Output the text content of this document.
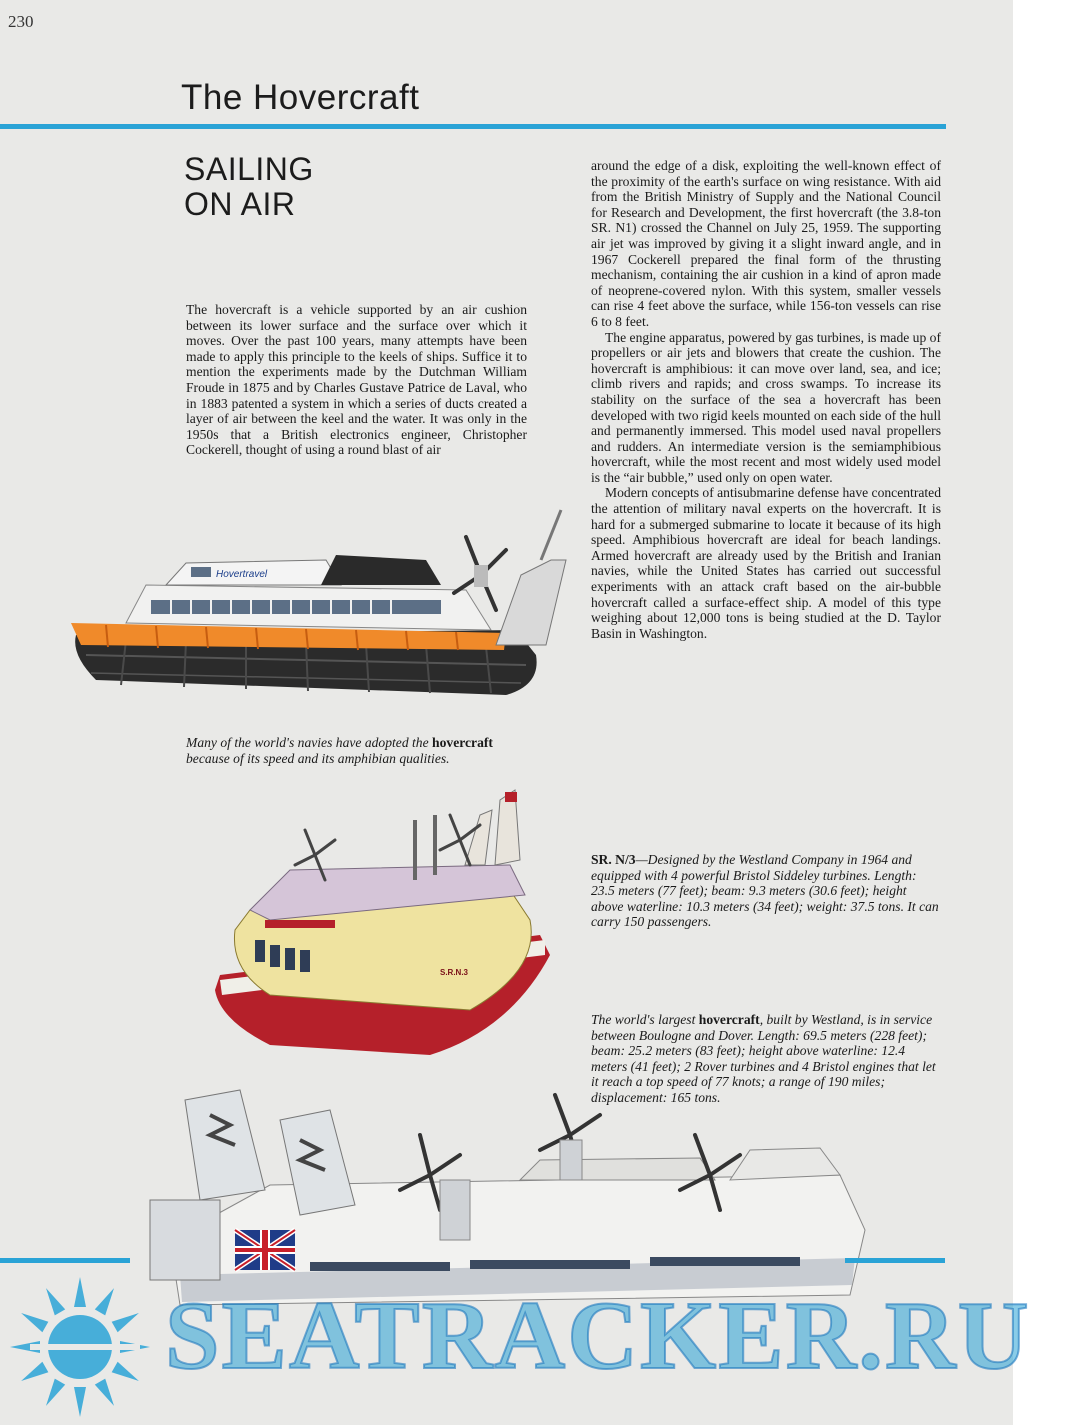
230
The Hovercraft
SAILING
ON AIR

The hovercraft is a vehicle supported by an air cushion between its lower surface and the surface over which it moves. Over the past 100 years, many attempts have been made to apply this principle to the keels of ships. Suffice it to mention the experiments made by the Dutchman William Froude in 1875 and by Charles Gustave Patrice de Laval, who in 1883 patented a system in which a series of ducts created a layer of air between the keel and the water. It was only in the 1950s that a British electronics engineer, Christopher Cockerell, thought of using a round blast of air

around the edge of a disk, exploiting the well-known effect of the proximity of the earth's surface on wing resistance. With aid from the British Ministry of Supply and the National Council for Research and Development, the first hovercraft (the 3.8-ton SR. N1) crossed the Channel on July 25, 1959. The supporting air jet was improved by giving it a slight inward angle, and in 1967 Cockerell prepared the final form of the thrusting mechanism, containing the air cushion in a kind of apron made of neoprene-covered nylon. With this system, smaller vessels can rise 4 feet above the surface, while 156-ton vessels can rise 6 to 8 feet.

The engine apparatus, powered by gas turbines, is made up of propellers or air jets and blowers that create the cushion. The hovercraft is amphibious: it can move over land, sea, and ice; climb rivers and rapids; and cross swamps. To increase its stability on the surface of the sea a hovercraft has been developed with two rigid keels mounted on each side of the hull and permanently immersed. This model used naval propellers and rudders. An intermediate version is the semiamphibious hovercraft, while the most recent and most widely used model is the “air bubble,” used only on open water.

Modern concepts of antisubmarine defense have concentrated the attention of military naval experts on the hovercraft. It is hard for a submerged submarine to locate it because of its high speed. Amphibious hovercraft are ideal for beach landings. Armed hovercraft are already used by the British and Iranian navies, while the United States has carried out successful experiments with an attack craft based on the air-bubble hovercraft called a surface-effect ship. A model of this type weighing about 12,000 tons is being studied at the D. Taylor Basin in Washington.

Hovertravel

Many of the world's navies have adopted the hovercraft because of its speed and its amphibian qualities.

S.R.N.3

SR. N/3—Designed by the Westland Company in 1964 and equipped with 4 powerful Bristol Siddeley turbines. Length: 23.5 meters (77 feet); beam: 9.3 meters (30.6 feet); height above waterline: 10.3 meters (34 feet); weight: 37.5 tons. It can carry 150 passengers.

The world's largest hovercraft, built by Westland, is in service between Boulogne and Dover. Length: 69.5 meters (228 feet); beam: 25.2 meters (83 feet); height above waterline: 12.4 meters (41 feet); 2 Rover turbines and 4 Bristol engines that let it reach a top speed of 77 knots; a range of 190 miles; displacement: 165 tons.

SEATRACKER.RU
